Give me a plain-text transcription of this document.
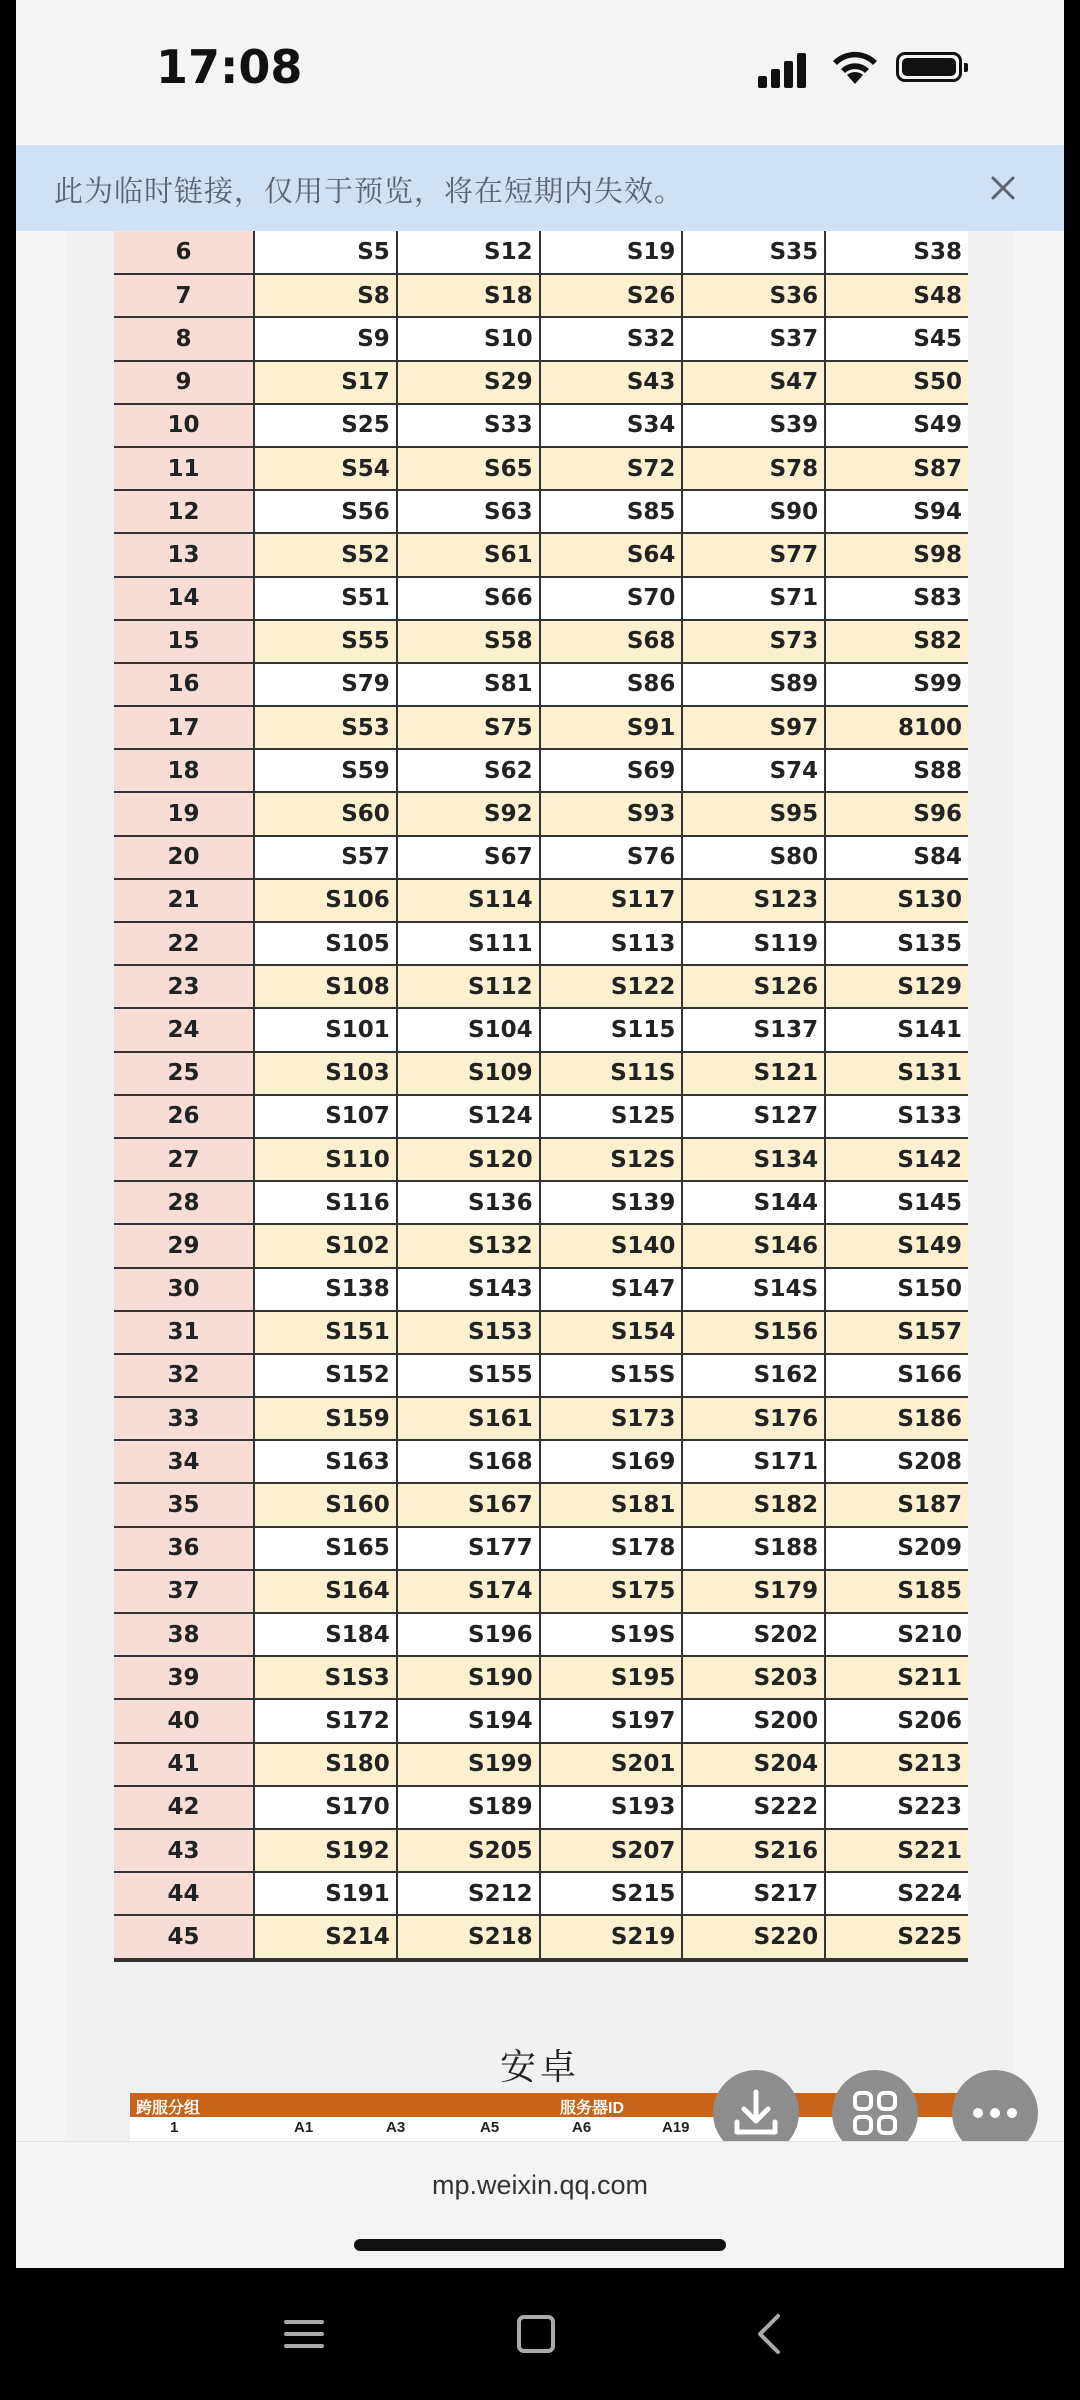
17:08
此为临时链接，仅用于预览，将在短期内失效。
6	S5	S12	S19	S35	S38
7	S8	S18	S26	S36	S48
8	S9	S10	S32	S37	S45
9	S17	S29	S43	S47	S50
10	S25	S33	S34	S39	S49
11	S54	S65	S72	S78	S87
12	S56	S63	S85	S90	S94
13	S52	S61	S64	S77	S98
14	S51	S66	S70	S71	S83
15	S55	S58	S68	S73	S82
16	S79	S81	S86	S89	S99
17	S53	S75	S91	S97	8100
18	S59	S62	S69	S74	S88
19	S60	S92	S93	S95	S96
20	S57	S67	S76	S80	S84
21	S106	S114	S117	S123	S130
22	S105	S111	S113	S119	S135
23	S108	S112	S122	S126	S129
24	S101	S104	S115	S137	S141
25	S103	S109	S11S	S121	S131
26	S107	S124	S125	S127	S133
27	S110	S120	S12S	S134	S142
28	S116	S136	S139	S144	S145
29	S102	S132	S140	S146	S149
30	S138	S143	S147	S14S	S150
31	S151	S153	S154	S156	S157
32	S152	S155	S15S	S162	S166
33	S159	S161	S173	S176	S186
34	S163	S168	S169	S171	S208
35	S160	S167	S181	S182	S187
36	S165	S177	S178	S188	S209
37	S164	S174	S175	S179	S185
38	S184	S196	S19S	S202	S210
39	S1S3	S190	S195	S203	S211
40	S172	S194	S197	S200	S206
41	S180	S199	S201	S204	S213
42	S170	S189	S193	S222	S223
43	S192	S205	S207	S216	S221
44	S191	S212	S215	S217	S224
45	S214	S218	S219	S220	S225
安卓
跨服分组	服务器ID
1	A1	A3	A5	A6	A19
mp.weixin.qq.com
